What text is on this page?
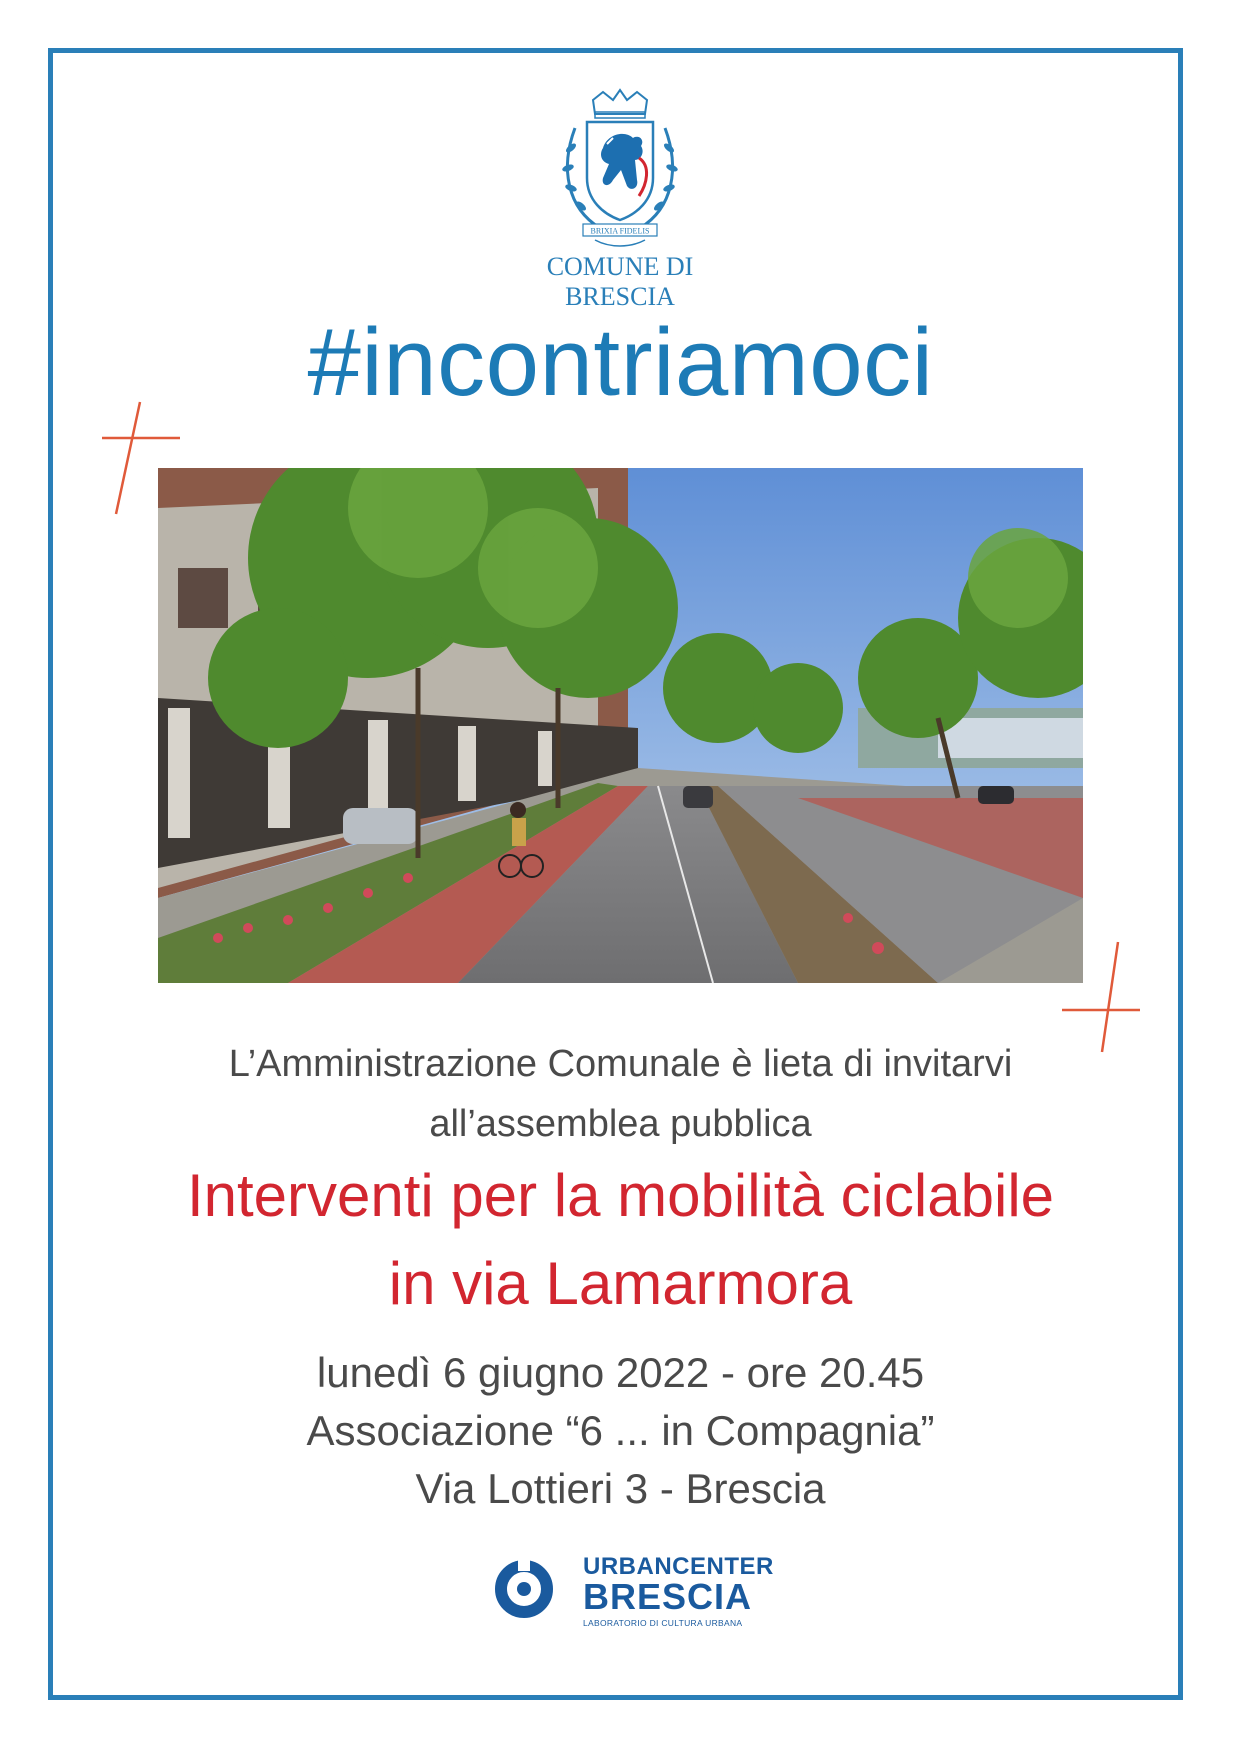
BRIXIA FIDELIS
COMUNE DI
BRESCIA
#incontriamoci
L’Amministrazione Comunale è lieta di invitarvi
all’assemblea pubblica
Interventi per la mobilità ciclabile
in via Lamarmora
lunedì 6 giugno 2022 - ore 20.45
Associazione “6 ... in Compagnia”
Via Lottieri 3 - Brescia
URBANCENTER
BRESCIA
LABORATORIO DI CULTURA URBANA
